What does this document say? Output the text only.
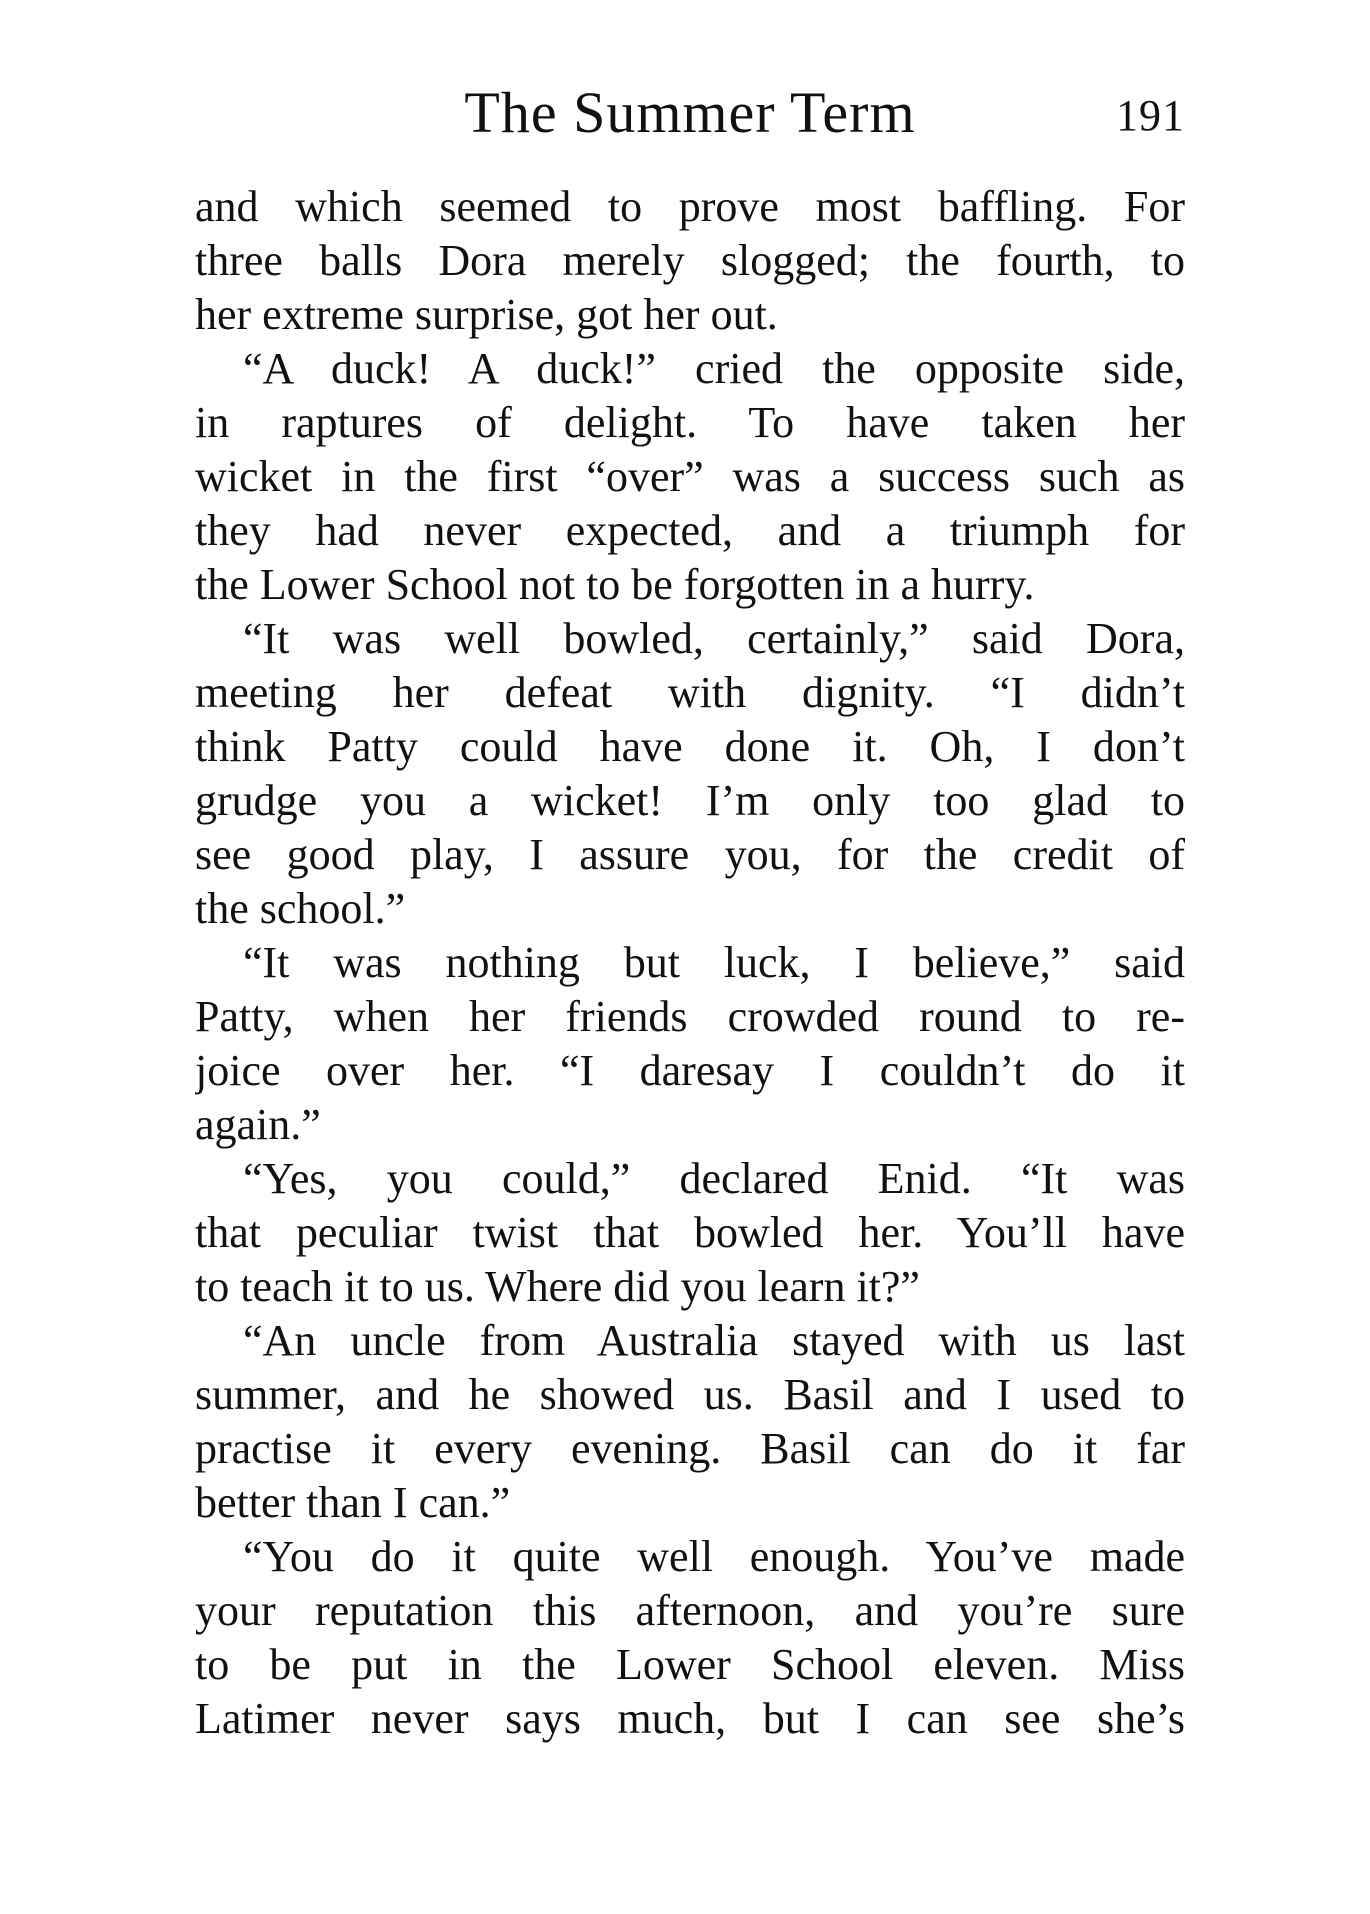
The Summer Term	191
and which seemed to prove most baffling. For
three balls Dora merely slogged; the fourth, to
her extreme surprise, got her out.
“A duck! A duck!” cried the opposite side,
in raptures of delight. To have taken her
wicket in the first “over” was a success such as
they had never expected, and a triumph for
the Lower School not to be forgotten in a hurry.
“It was well bowled, certainly,” said Dora,
meeting her defeat with dignity. “I didn’t
think Patty could have done it. Oh, I don’t
grudge you a wicket! I’m only too glad to
see good play, I assure you, for the credit of
the school.”
“It was nothing but luck, I believe,” said
Patty, when her friends crowded round to re-
joice over her. “I daresay I couldn’t do it
again.”
“Yes, you could,” declared Enid. “It was
that peculiar twist that bowled her. You’ll have
to teach it to us. Where did you learn it?”
“An uncle from Australia stayed with us last
summer, and he showed us. Basil and I used to
practise it every evening. Basil can do it far
better than I can.”
“You do it quite well enough. You’ve made
your reputation this afternoon, and you’re sure
to be put in the Lower School eleven. Miss
Latimer never says much, but I can see she’s
